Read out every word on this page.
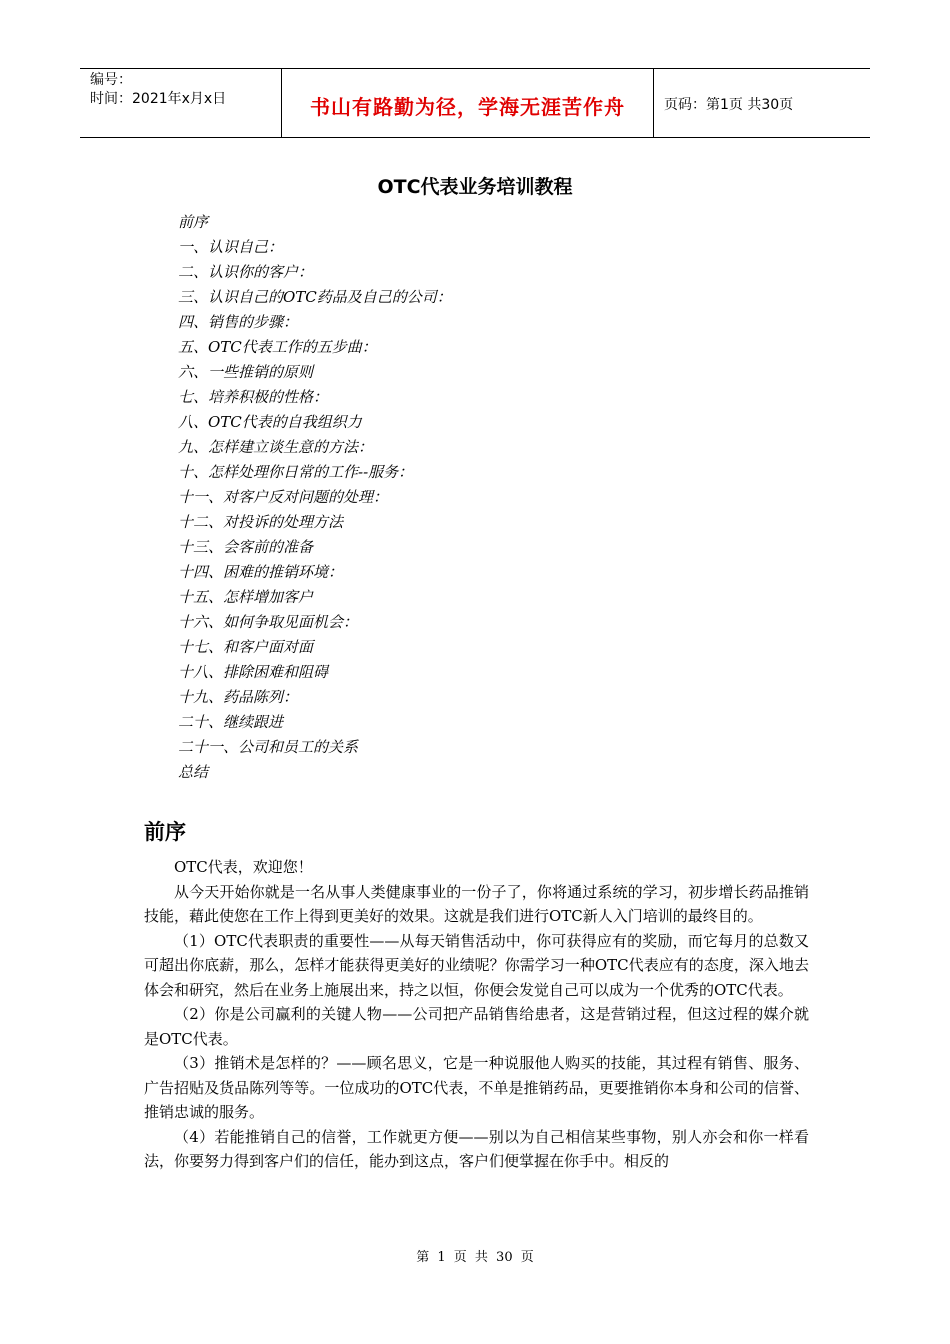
编号：
时间：2021年x月x日	书山有路勤为径，学海无涯苦作舟	页码：第1页 共30页
OTC代表业务培训教程
前序
一、认识自己：
二、认识你的客户：
三、认识自己的OTC药品及自己的公司：
四、销售的步骤：
五、OTC代表工作的五步曲：
六、一些推销的原则
七、培养积极的性格：
八、OTC代表的自我组织力
九、怎样建立谈生意的方法：
十、怎样处理你日常的工作--服务：
十一、对客户反对问题的处理：
十二、对投诉的处理方法
十三、会客前的准备
十四、困难的推销环境：
十五、怎样增加客户
十六、如何争取见面机会：
十七、和客户面对面
十八、排除困难和阻碍
十九、药品陈列：
二十、继续跟进
二十一、公司和员工的关系
总结
前序

OTC代表，欢迎您！

从今天开始你就是一名从事人类健康事业的一份子了，你将通过系统的学习，初步增长药品推销技能，藉此使您在工作上得到更美好的效果。这就是我们进行OTC新人入门培训的最终目的。

（1）OTC代表职责的重要性——从每天销售活动中，你可获得应有的奖励，而它每月的总数又可超出你底薪，那么，怎样才能获得更美好的业绩呢？你需学习一种OTC代表应有的态度，深入地去体会和研究，然后在业务上施展出来，持之以恒，你便会发觉自己可以成为一个优秀的OTC代表。

（2）你是公司赢利的关键人物——公司把产品销售给患者，这是营销过程，但这过程的媒介就是OTC代表。

（3）推销术是怎样的？——顾名思义，它是一种说服他人购买的技能，其过程有销售、服务、广告招贴及货品陈列等等。一位成功的OTC代表，不单是推销药品，更要推销你本身和公司的信誉、推销忠诚的服务。

（4）若能推销自己的信誉，工作就更方便——别以为自己相信某些事物，别人亦会和你一样看法，你要努力得到客户们的信任，能办到这点，客户们便掌握在你手中。相反的

第 1 页 共 30 页
